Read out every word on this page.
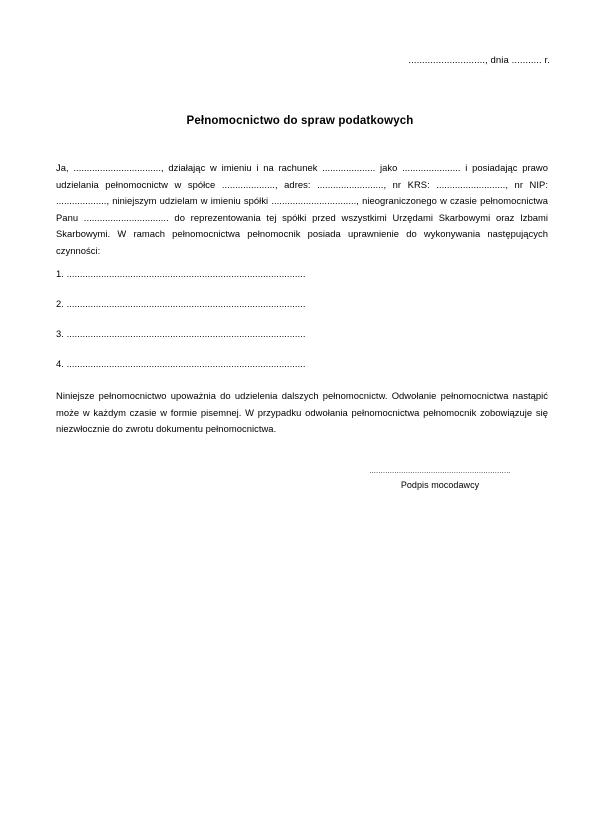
............................, dnia ........... r.
Pełnomocnictwo do spraw podatkowych
Ja, ................................., działając w imieniu i na rachunek .................... jako ...................... i posiadając prawo udzielania pełnomocnictw w spółce ...................., adres: ........................., nr KRS: .........................., nr NIP: ..................., niniejszym udzielam w imieniu spółki ................................, nieograniczonego w czasie pełnomocnictwa Panu ................................ do reprezentowania tej spółki przed wszystkimi Urzędami Skarbowymi oraz Izbami Skarbowymi. W ramach pełnomocnictwa pełnomocnik posiada uprawnienie do wykonywania następujących czynności:
1. ..........................................................................................
2. ..........................................................................................
3. ..........................................................................................
4. ..........................................................................................
Niniejsze pełnomocnictwo upoważnia do udzielenia dalszych pełnomocnictw. Odwołanie pełnomocnictwa nastąpić może w każdym czasie w formie pisemnej. W przypadku odwołania pełnomocnictwa pełnomocnik zobowiązuje się niezwłocznie do zwrotu dokumentu pełnomocnictwa.
..............................................................
Podpis mocodawcy
